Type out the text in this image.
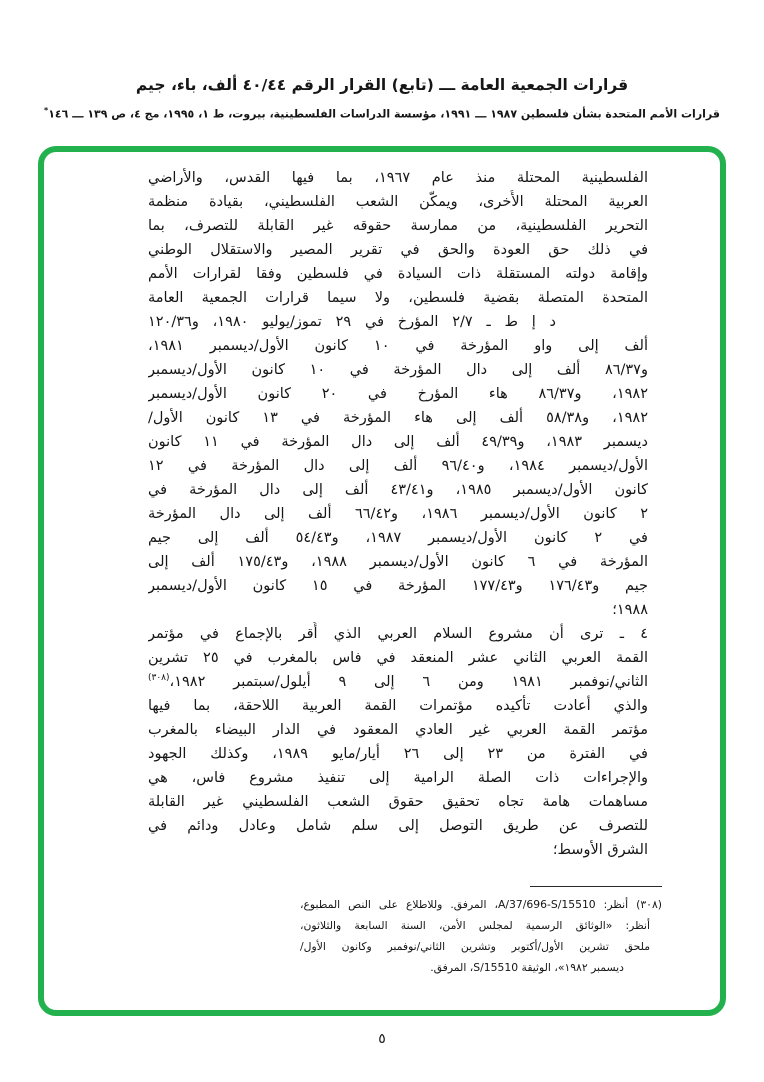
قرارات الجمعية العامة ـــ (تابع) القرار الرقم ٤٠/٤٤ ألف، باء، جيم
قرارات الأمم المتحدة بشأن فلسطين ١٩٨٧ ـــ ١٩٩١، مؤسسة الدراسات الفلسطينية، بيروت، ط ١، ١٩٩٥، مج ٤، ص ١٣٩ ـــ ١٤٦*
الفلسطينية المحتلة منذ عام ١٩٦٧، بما فيها القدس، والأراضي
العربية المحتلة الأُخرى، ويمكّن الشعب الفلسطيني، بقيادة منظمة
التحرير الفلسطينية، من ممارسة حقوقه غير القابلة للتصرف، بما
في ذلك حق العودة والحق في تقرير المصير والاستقلال الوطني
وإقامة دولته المستقلة ذات السيادة في فلسطين وفقا لقرارات الأمم
المتحدة المتصلة بقضية فلسطين، ولا سيما قرارات الجمعية العامة
د إ ط ـ ٢/٧ المؤرخ في ٢٩ تموز/يوليو ١٩٨٠، و١٢٠/٣٦
ألف إلى واو المؤرخة في ١٠ كانون الأول/ديسمبر ١٩٨١،
و٨٦/٣٧ ألف إلى دال المؤرخة في ١٠ كانون الأول/ديسمبر
١٩٨٢، و٨٦/٣٧ هاء المؤرخ في ٢٠ كانون الأول/ديسمبر
١٩٨٢، و٥٨/٣٨ ألف إلى هاء المؤرخة في ١٣ كانون الأول/
ديسمبر ١٩٨٣، و٤٩/٣٩ ألف إلى دال المؤرخة في ١١ كانون
الأول/ديسمبر ١٩٨٤، و٩٦/٤٠ ألف إلى دال المؤرخة في ١٢
كانون الأول/ديسمبر ١٩٨٥، و٤٣/٤١ ألف إلى دال المؤرخة في
٢ كانون الأول/ديسمبر ١٩٨٦، و٦٦/٤٢ ألف إلى دال المؤرخة
في ٢ كانون الأول/ديسمبر ١٩٨٧، و٥٤/٤٣ ألف إلى جيم
المؤرخة في ٦ كانون الأول/ديسمبر ١٩٨٨، و١٧٥/٤٣ ألف إلى
جيم و١٧٦/٤٣ و١٧٧/٤٣ المؤرخة في ١٥ كانون الأول/ديسمبر
١٩٨٨؛
٤ ـ ترى أن مشروع السلام العربي الذي أُقر بالإجماع في مؤتمر
القمة العربي الثاني عشر المنعقد في فاس بالمغرب في ٢٥ تشرين
الثاني/نوفمبر ١٩٨١ ومن ٦ إلى ٩ أيلول/سبتمبر ١٩٨٢،$^{(٣٠٨)}$
والذي أعادت تأكيده مؤتمرات القمة العربية اللاحقة، بما فيها
مؤتمر القمة العربي غير العادي المعقود في الدار البيضاء بالمغرب
في الفترة من ٢٣ إلى ٢٦ أيار/مايو ١٩٨٩، وكذلك الجهود
والإجراءات ذات الصلة الرامية إلى تنفيذ مشروع فاس، هي
مساهمات هامة تجاه تحقيق حقوق الشعب الفلسطيني غير القابلة
للتصرف عن طريق التوصل إلى سلم شامل وعادل ودائم في
الشرق الأوسط؛
(٣٠٨) أنظر: A/37/696-S/15510، المرفق. وللاطلاع على النص المطبوع،
أنظر: «الوثائق الرسمية لمجلس الأمن، السنة السابعة والثلاثون،
ملحق تشرين الأول/أكتوبر وتشرين الثاني/نوفمبر وكانون الأول/
ديسمبر ١٩٨٢»، الوثيقة S/15510، المرفق.
٥
